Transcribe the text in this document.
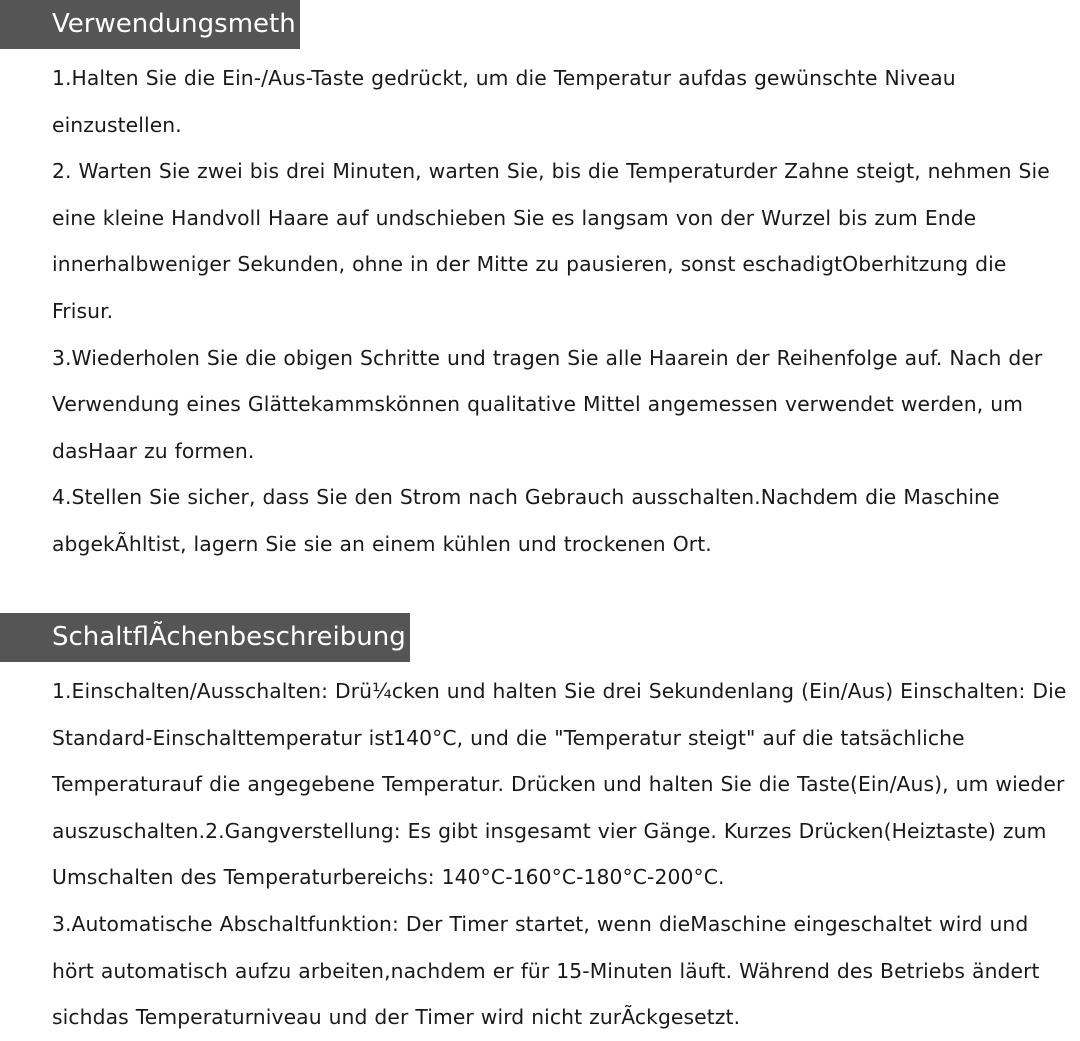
Verwendungsmeth
1.Halten Sie die Ein-/Aus-Taste gedrückt, um die Temperatur aufdas gewünschte Niveau einzustellen.
2. Warten Sie zwei bis drei Minuten, warten Sie, bis die Temperaturder Zahne steigt, nehmen Sie eine kleine Handvoll Haare auf undschieben Sie es langsam von der Wurzel bis zum Ende innerhalbweniger Sekunden, ohne in der Mitte zu pausieren, sonst eschadigtOberhitzung die Frisur.
3.Wiederholen Sie die obigen Schritte und tragen Sie alle Haarein der Reihenfolge auf. Nach der Verwendung eines Glättekammskönnen qualitative Mittel angemessen verwendet werden, um dasHaar zu formen.
4.Stellen Sie sicher, dass Sie den Strom nach Gebrauch ausschalten.Nachdem die Maschine abgekÃhltist, lagern Sie sie an einem kühlen und trockenen Ort.
SchaltflÃchenbeschreibung
1.Einschalten/Ausschalten: Drü¼cken und halten Sie drei Sekundenlang (Ein/Aus) Einschalten: Die Standard-Einschalttemperatur ist140°C, und die "Temperatur steigt" auf die tatsächliche Temperaturauf die angegebene Temperatur. Drücken und halten Sie die Taste(Ein/Aus), um wieder auszuschalten.2.Gangverstellung: Es gibt insgesamt vier Gänge. Kurzes Drücken(Heiztaste) zum Umschalten des Temperaturbereichs: 140°C-160°C-180°C-200°C.
3.Automatische Abschaltfunktion: Der Timer startet, wenn dieMaschine eingeschaltet wird und hört automatisch aufzu arbeiten,nachdem er für 15-Minuten läuft. Während des Betriebs ändert sichdas Temperaturniveau und der Timer wird nicht zurÃckgesetzt.
